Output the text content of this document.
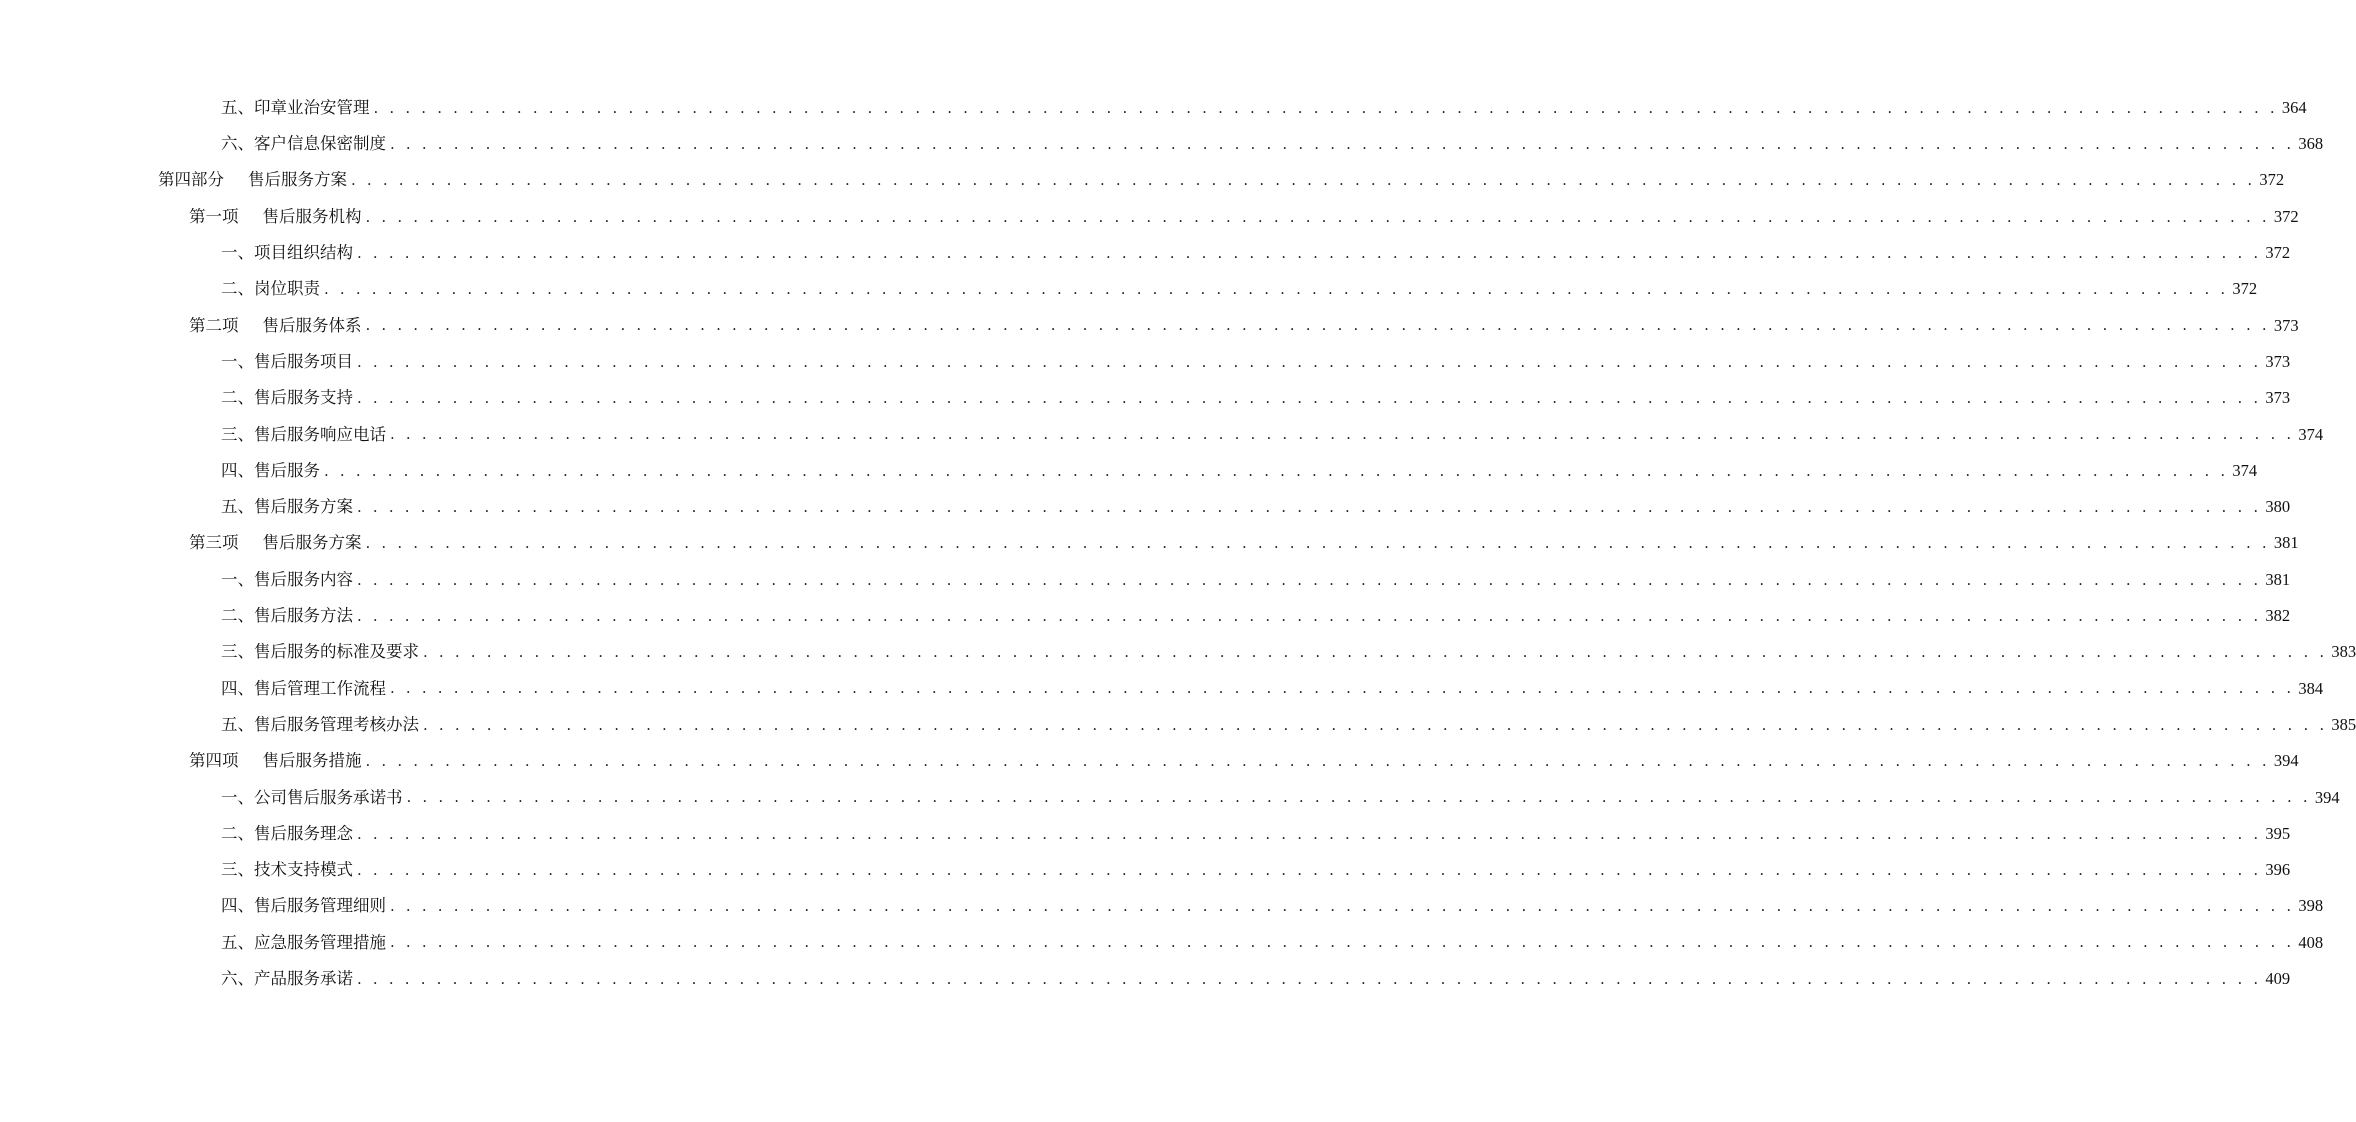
五、印章业治安管理 . . . . . . . . . . . . . . . . . . . . . . . . . . . . . . . . . . . . . . . . . . . . . . . . . . . . . . . . . . . . . . . . . . . . . . . . . . . . . . . . . . . . . . . . . . . . . . . . . . . . . . . . . . . . . . . . . . . . . . . . 364
六、客户信息保密制度 . . . . . . . . . . . . . . . . . . . . . . . . . . . . . . . . . . . . . . . . . . . . . . . . . . . . . . . . . . . . . . . . . . . . . . . . . . . . . . . . . . . . . . . . . . . . . . . . . . . . . . . . . . . . . . . . . . . . . . . . 368
第四部分 售后服务方案 . . . . . . . . . . . . . . . . . . . . . . . . . . . . . . . . . . . . . . . . . . . . . . . . . . . . . . . . . . . . . . . . . . . . . . . . . . . . . . . . . . . . . . . . . . . . . . . . . . . . . . . . . . . . . . . . . . . . . . . . 372
第一项 售后服务机构 . . . . . . . . . . . . . . . . . . . . . . . . . . . . . . . . . . . . . . . . . . . . . . . . . . . . . . . . . . . . . . . . . . . . . . . . . . . . . . . . . . . . . . . . . . . . . . . . . . . . . . . . . . . . . . . . . . . . . . . . 372
一、项目组织结构 . . . . . . . . . . . . . . . . . . . . . . . . . . . . . . . . . . . . . . . . . . . . . . . . . . . . . . . . . . . . . . . . . . . . . . . . . . . . . . . . . . . . . . . . . . . . . . . . . . . . . . . . . . . . . . . . . . . . . . . . 372
二、岗位职责 . . . . . . . . . . . . . . . . . . . . . . . . . . . . . . . . . . . . . . . . . . . . . . . . . . . . . . . . . . . . . . . . . . . . . . . . . . . . . . . . . . . . . . . . . . . . . . . . . . . . . . . . . . . . . . . . . . . . . . . . 372
第二项 售后服务体系 . . . . . . . . . . . . . . . . . . . . . . . . . . . . . . . . . . . . . . . . . . . . . . . . . . . . . . . . . . . . . . . . . . . . . . . . . . . . . . . . . . . . . . . . . . . . . . . . . . . . . . . . . . . . . . . . . . . . . . . . 373
一、售后服务项目 . . . . . . . . . . . . . . . . . . . . . . . . . . . . . . . . . . . . . . . . . . . . . . . . . . . . . . . . . . . . . . . . . . . . . . . . . . . . . . . . . . . . . . . . . . . . . . . . . . . . . . . . . . . . . . . . . . . . . . . . 373
二、售后服务支持 . . . . . . . . . . . . . . . . . . . . . . . . . . . . . . . . . . . . . . . . . . . . . . . . . . . . . . . . . . . . . . . . . . . . . . . . . . . . . . . . . . . . . . . . . . . . . . . . . . . . . . . . . . . . . . . . . . . . . . . . 373
三、售后服务响应电话 . . . . . . . . . . . . . . . . . . . . . . . . . . . . . . . . . . . . . . . . . . . . . . . . . . . . . . . . . . . . . . . . . . . . . . . . . . . . . . . . . . . . . . . . . . . . . . . . . . . . . . . . . . . . . . . . . . . . . . . . 374
四、售后服务 . . . . . . . . . . . . . . . . . . . . . . . . . . . . . . . . . . . . . . . . . . . . . . . . . . . . . . . . . . . . . . . . . . . . . . . . . . . . . . . . . . . . . . . . . . . . . . . . . . . . . . . . . . . . . . . . . . . . . . . . 374
五、售后服务方案 . . . . . . . . . . . . . . . . . . . . . . . . . . . . . . . . . . . . . . . . . . . . . . . . . . . . . . . . . . . . . . . . . . . . . . . . . . . . . . . . . . . . . . . . . . . . . . . . . . . . . . . . . . . . . . . . . . . . . . . . 380
第三项 售后服务方案 . . . . . . . . . . . . . . . . . . . . . . . . . . . . . . . . . . . . . . . . . . . . . . . . . . . . . . . . . . . . . . . . . . . . . . . . . . . . . . . . . . . . . . . . . . . . . . . . . . . . . . . . . . . . . . . . . . . . . . . . 381
一、售后服务内容 . . . . . . . . . . . . . . . . . . . . . . . . . . . . . . . . . . . . . . . . . . . . . . . . . . . . . . . . . . . . . . . . . . . . . . . . . . . . . . . . . . . . . . . . . . . . . . . . . . . . . . . . . . . . . . . . . . . . . . . . 381
二、售后服务方法 . . . . . . . . . . . . . . . . . . . . . . . . . . . . . . . . . . . . . . . . . . . . . . . . . . . . . . . . . . . . . . . . . . . . . . . . . . . . . . . . . . . . . . . . . . . . . . . . . . . . . . . . . . . . . . . . . . . . . . . . 382
三、售后服务的标准及要求 . . . . . . . . . . . . . . . . . . . . . . . . . . . . . . . . . . . . . . . . . . . . . . . . . . . . . . . . . . . . . . . . . . . . . . . . . . . . . . . . . . . . . . . . . . . . . . . . . . . . . . . . . . . . . . . . . . . . . . . . 383
四、售后管理工作流程 . . . . . . . . . . . . . . . . . . . . . . . . . . . . . . . . . . . . . . . . . . . . . . . . . . . . . . . . . . . . . . . . . . . . . . . . . . . . . . . . . . . . . . . . . . . . . . . . . . . . . . . . . . . . . . . . . . . . . . . . 384
五、售后服务管理考核办法 . . . . . . . . . . . . . . . . . . . . . . . . . . . . . . . . . . . . . . . . . . . . . . . . . . . . . . . . . . . . . . . . . . . . . . . . . . . . . . . . . . . . . . . . . . . . . . . . . . . . . . . . . . . . . . . . . . . . . . . . 385
第四项 售后服务措施 . . . . . . . . . . . . . . . . . . . . . . . . . . . . . . . . . . . . . . . . . . . . . . . . . . . . . . . . . . . . . . . . . . . . . . . . . . . . . . . . . . . . . . . . . . . . . . . . . . . . . . . . . . . . . . . . . . . . . . . . 394
一、公司售后服务承诺书 . . . . . . . . . . . . . . . . . . . . . . . . . . . . . . . . . . . . . . . . . . . . . . . . . . . . . . . . . . . . . . . . . . . . . . . . . . . . . . . . . . . . . . . . . . . . . . . . . . . . . . . . . . . . . . . . . . . . . . . . 394
二、售后服务理念 . . . . . . . . . . . . . . . . . . . . . . . . . . . . . . . . . . . . . . . . . . . . . . . . . . . . . . . . . . . . . . . . . . . . . . . . . . . . . . . . . . . . . . . . . . . . . . . . . . . . . . . . . . . . . . . . . . . . . . . . 395
三、技术支持模式 . . . . . . . . . . . . . . . . . . . . . . . . . . . . . . . . . . . . . . . . . . . . . . . . . . . . . . . . . . . . . . . . . . . . . . . . . . . . . . . . . . . . . . . . . . . . . . . . . . . . . . . . . . . . . . . . . . . . . . . . 396
四、售后服务管理细则 . . . . . . . . . . . . . . . . . . . . . . . . . . . . . . . . . . . . . . . . . . . . . . . . . . . . . . . . . . . . . . . . . . . . . . . . . . . . . . . . . . . . . . . . . . . . . . . . . . . . . . . . . . . . . . . . . . . . . . . . 398
五、应急服务管理措施 . . . . . . . . . . . . . . . . . . . . . . . . . . . . . . . . . . . . . . . . . . . . . . . . . . . . . . . . . . . . . . . . . . . . . . . . . . . . . . . . . . . . . . . . . . . . . . . . . . . . . . . . . . . . . . . . . . . . . . . . 408
六、产品服务承诺 . . . . . . . . . . . . . . . . . . . . . . . . . . . . . . . . . . . . . . . . . . . . . . . . . . . . . . . . . . . . . . . . . . . . . . . . . . . . . . . . . . . . . . . . . . . . . . . . . . . . . . . . . . . . . . . . . . . . . . . . 409
